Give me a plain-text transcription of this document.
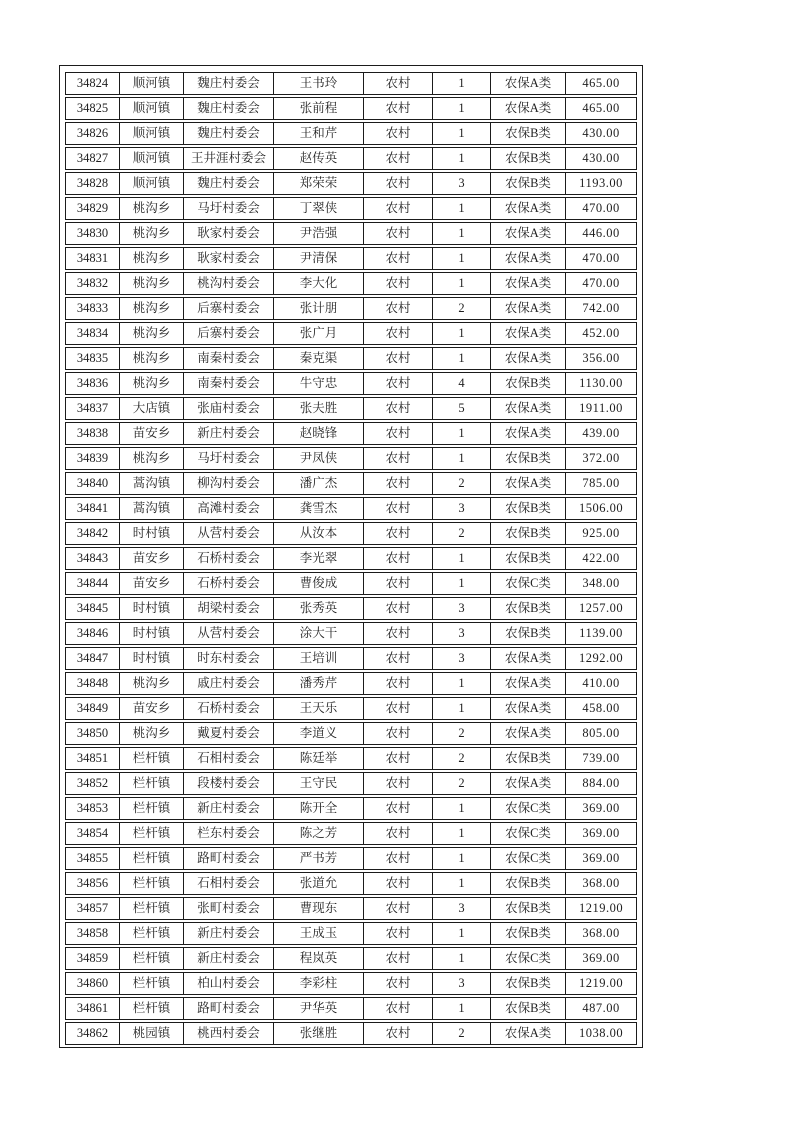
34824	顺河镇	魏庄村委会	王书玲	农村	1	农保A类	465.00
34825	顺河镇	魏庄村委会	张前程	农村	1	农保A类	465.00
34826	顺河镇	魏庄村委会	王和芹	农村	1	农保B类	430.00
34827	顺河镇	王井涯村委会	赵传英	农村	1	农保B类	430.00
34828	顺河镇	魏庄村委会	郑荣荣	农村	3	农保B类	1193.00
34829	桃沟乡	马圩村委会	丁翠侠	农村	1	农保A类	470.00
34830	桃沟乡	耿家村委会	尹浩强	农村	1	农保A类	446.00
34831	桃沟乡	耿家村委会	尹清保	农村	1	农保A类	470.00
34832	桃沟乡	桃沟村委会	李大化	农村	1	农保A类	470.00
34833	桃沟乡	后寨村委会	张计朋	农村	2	农保A类	742.00
34834	桃沟乡	后寨村委会	张广月	农村	1	农保A类	452.00
34835	桃沟乡	南秦村委会	秦克渠	农村	1	农保A类	356.00
34836	桃沟乡	南秦村委会	牛守忠	农村	4	农保B类	1130.00
34837	大店镇	张庙村委会	张夫胜	农村	5	农保A类	1911.00
34838	苗安乡	新庄村委会	赵晓锋	农村	1	农保A类	439.00
34839	桃沟乡	马圩村委会	尹凤侠	农村	1	农保B类	372.00
34840	蒿沟镇	柳沟村委会	潘广杰	农村	2	农保A类	785.00
34841	蒿沟镇	高滩村委会	龚雪杰	农村	3	农保B类	1506.00
34842	时村镇	从营村委会	从汝本	农村	2	农保B类	925.00
34843	苗安乡	石桥村委会	李光翠	农村	1	农保B类	422.00
34844	苗安乡	石桥村委会	曹俊成	农村	1	农保C类	348.00
34845	时村镇	胡梁村委会	张秀英	农村	3	农保B类	1257.00
34846	时村镇	从营村委会	涂大干	农村	3	农保B类	1139.00
34847	时村镇	时东村委会	王培训	农村	3	农保A类	1292.00
34848	桃沟乡	戚庄村委会	潘秀芹	农村	1	农保A类	410.00
34849	苗安乡	石桥村委会	王天乐	农村	1	农保A类	458.00
34850	桃沟乡	戴夏村委会	李道义	农村	2	农保A类	805.00
34851	栏杆镇	石相村委会	陈廷举	农村	2	农保B类	739.00
34852	栏杆镇	段楼村委会	王守民	农村	2	农保A类	884.00
34853	栏杆镇	新庄村委会	陈开全	农村	1	农保C类	369.00
34854	栏杆镇	栏东村委会	陈之芳	农村	1	农保C类	369.00
34855	栏杆镇	路町村委会	严书芳	农村	1	农保C类	369.00
34856	栏杆镇	石相村委会	张道允	农村	1	农保B类	368.00
34857	栏杆镇	张町村委会	曹现东	农村	3	农保B类	1219.00
34858	栏杆镇	新庄村委会	王成玉	农村	1	农保B类	368.00
34859	栏杆镇	新庄村委会	程岚英	农村	1	农保C类	369.00
34860	栏杆镇	柏山村委会	李彩柱	农村	3	农保B类	1219.00
34861	栏杆镇	路町村委会	尹华英	农村	1	农保B类	487.00
34862	桃园镇	桃西村委会	张继胜	农村	2	农保A类	1038.00
